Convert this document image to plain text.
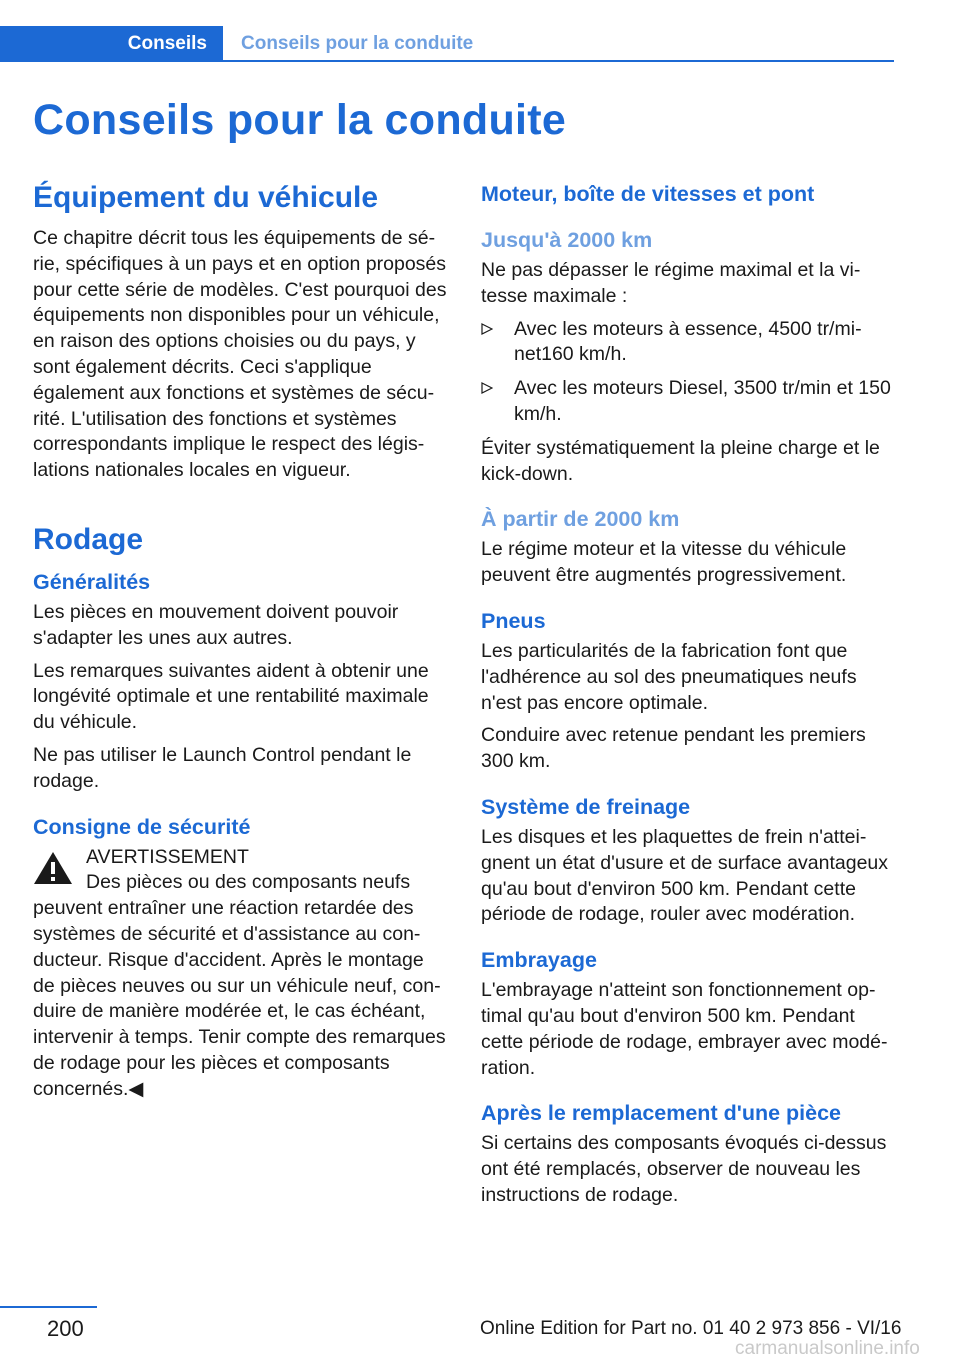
Conseils	Conseils pour la conduite
Conseils pour la conduite
Équipement du véhicule

Ce chapitre décrit tous les équipements de série, spécifiques à un pays et en option proposés pour cette série de modèles. C'est pourquoi des équipements non disponibles pour un véhicule, en raison des options choisies ou du pays, y sont également décrits. Ceci s'applique également aux fonctions et systèmes de sécurité. L'utilisation des fonctions et systèmes correspondants implique le respect des législations nationales locales en vigueur.

Rodage
Généralités

Les pièces en mouvement doivent pouvoir s'adapter les unes aux autres.

Les remarques suivantes aident à obtenir une longévité optimale et une rentabilité maximale du véhicule.

Ne pas utiliser le Launch Control pendant le rodage.

Consigne de sécurité
AVERTISSEMENT
Des pièces ou des composants neufs peuvent entraîner une réaction retardée des systèmes de sécurité et d'assistance au conducteur. Risque d'accident. Après le montage de pièces neuves ou sur un véhicule neuf, conduire de manière modérée et, le cas échéant, intervenir à temps. Tenir compte des remarques de rodage pour les pièces et composants concernés.◀
Moteur, boîte de vitesses et pont
Jusqu'à 2000 km

Ne pas dépasser le régime maximal et la vitesse maximale :

Avec les moteurs à essence, 4500 tr/minet160 km/h.
Avec les moteurs Diesel, 3500 tr/min et 150 km/h.

Éviter systématiquement la pleine charge et le kick-down.

À partir de 2000 km

Le régime moteur et la vitesse du véhicule peuvent être augmentés progressivement.

Pneus

Les particularités de la fabrication font que l'adhérence au sol des pneumatiques neufs n'est pas encore optimale.

Conduire avec retenue pendant les premiers 300 km.

Système de freinage

Les disques et les plaquettes de frein n'atteignent un état d'usure et de surface avantageux qu'au bout d'environ 500 km. Pendant cette période de rodage, rouler avec modération.

Embrayage

L'embrayage n'atteint son fonctionnement optimal qu'au bout d'environ 500 km. Pendant cette période de rodage, embrayer avec modération.

Après le remplacement d'une pièce

Si certains des composants évoqués ci-dessus ont été remplacés, observer de nouveau les instructions de rodage.

200	Online Edition for Part no. 01 40 2 973 856 - VI/16
carmanualsonline.info
